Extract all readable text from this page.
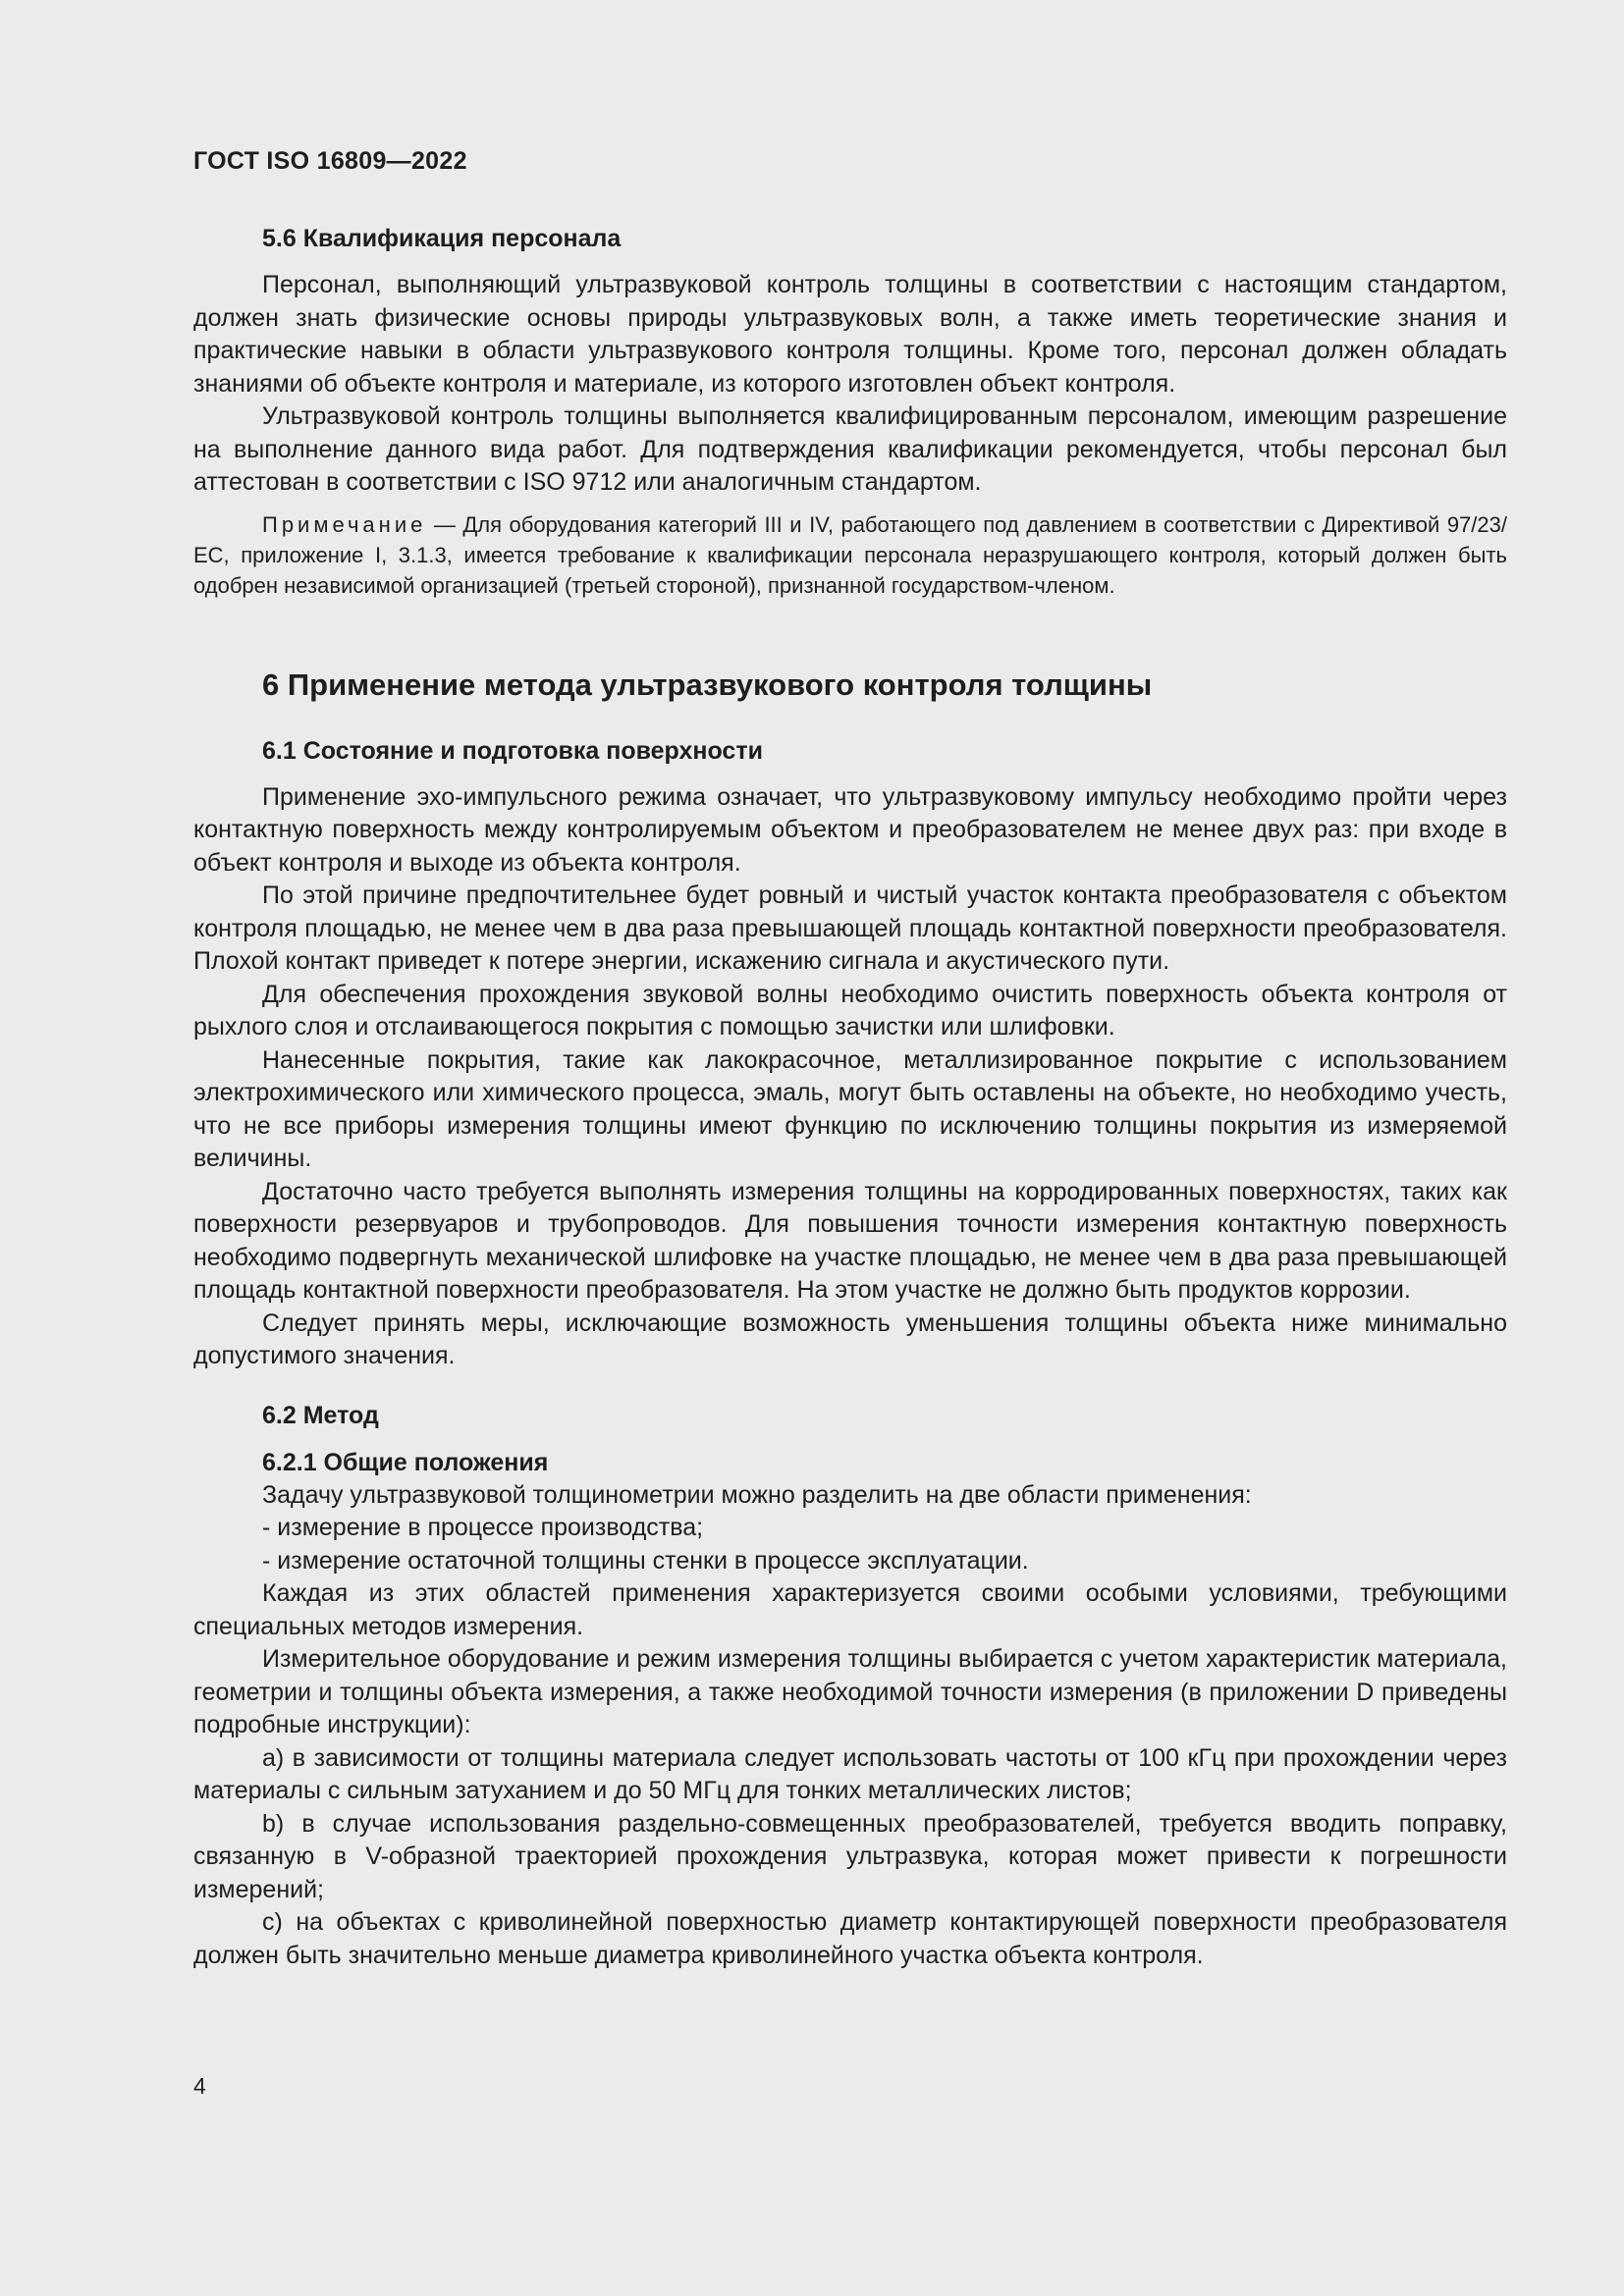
ГОСТ ISO 16809—2022
5.6 Квалификация персонала

Персонал, выполняющий ультразвуковой контроль толщины в соответствии с настоящим стандартом, должен знать физические основы природы ультразвуковых волн, а также иметь теоретические знания и практические навыки в области ультразвукового контроля толщины. Кроме того, персонал должен обладать знаниями об объекте контроля и материале, из которого изготовлен объект контроля.

Ультразвуковой контроль толщины выполняется квалифицированным персоналом, имеющим разрешение на выполнение данного вида работ. Для подтверждения квалификации рекомендуется, чтобы персонал был аттестован в соответствии с ISO 9712 или аналогичным стандартом.

Примечание — Для оборудования категорий III и IV, работающего под давлением в соответствии с Директивой 97/23/ЕС, приложение I, 3.1.3, имеется требование к квалификации персонала неразрушающего контроля, который должен быть одобрен независимой организацией (третьей стороной), признанной государством-членом.

6 Применение метода ультразвукового контроля толщины
6.1 Состояние и подготовка поверхности

Применение эхо-импульсного режима означает, что ультразвуковому импульсу необходимо пройти через контактную поверхность между контролируемым объектом и преобразователем не менее двух раз: при входе в объект контроля и выходе из объекта контроля.

По этой причине предпочтительнее будет ровный и чистый участок контакта преобразователя с объектом контроля площадью, не менее чем в два раза превышающей площадь контактной поверхности преобразователя. Плохой контакт приведет к потере энергии, искажению сигнала и акустического пути.

Для обеспечения прохождения звуковой волны необходимо очистить поверхность объекта контроля от рыхлого слоя и отслаивающегося покрытия с помощью зачистки или шлифовки.

Нанесенные покрытия, такие как лакокрасочное, металлизированное покрытие с использованием электрохимического или химического процесса, эмаль, могут быть оставлены на объекте, но необходимо учесть, что не все приборы измерения толщины имеют функцию по исключению толщины покрытия из измеряемой величины.

Достаточно часто требуется выполнять измерения толщины на корродированных поверхностях, таких как поверхности резервуаров и трубопроводов. Для повышения точности измерения контактную поверхность необходимо подвергнуть механической шлифовке на участке площадью, не менее чем в два раза превышающей площадь контактной поверхности преобразователя. На этом участке не должно быть продуктов коррозии.

Следует принять меры, исключающие возможность уменьшения толщины объекта ниже минимально допустимого значения.

6.2 Метод
6.2.1 Общие положения

Задачу ультразвуковой толщинометрии можно разделить на две области применения:

- измерение в процессе производства;
- измерение остаточной толщины стенки в процессе эксплуатации.

Каждая из этих областей применения характеризуется своими особыми условиями, требующими специальных методов измерения.

Измерительное оборудование и режим измерения толщины выбирается с учетом характеристик материала, геометрии и толщины объекта измерения, а также необходимой точности измерения (в приложении D приведены подробные инструкции):

a) в зависимости от толщины материала следует использовать частоты от 100 кГц при прохождении через материалы с сильным затуханием и до 50 МГц для тонких металлических листов;

b) в случае использования раздельно-совмещенных преобразователей, требуется вводить поправку, связанную в V-образной траекторией прохождения ультразвука, которая может привести к погрешности измерений;

c) на объектах с криволинейной поверхностью диаметр контактирующей поверхности преобразователя должен быть значительно меньше диаметра криволинейного участка объекта контроля.

4
